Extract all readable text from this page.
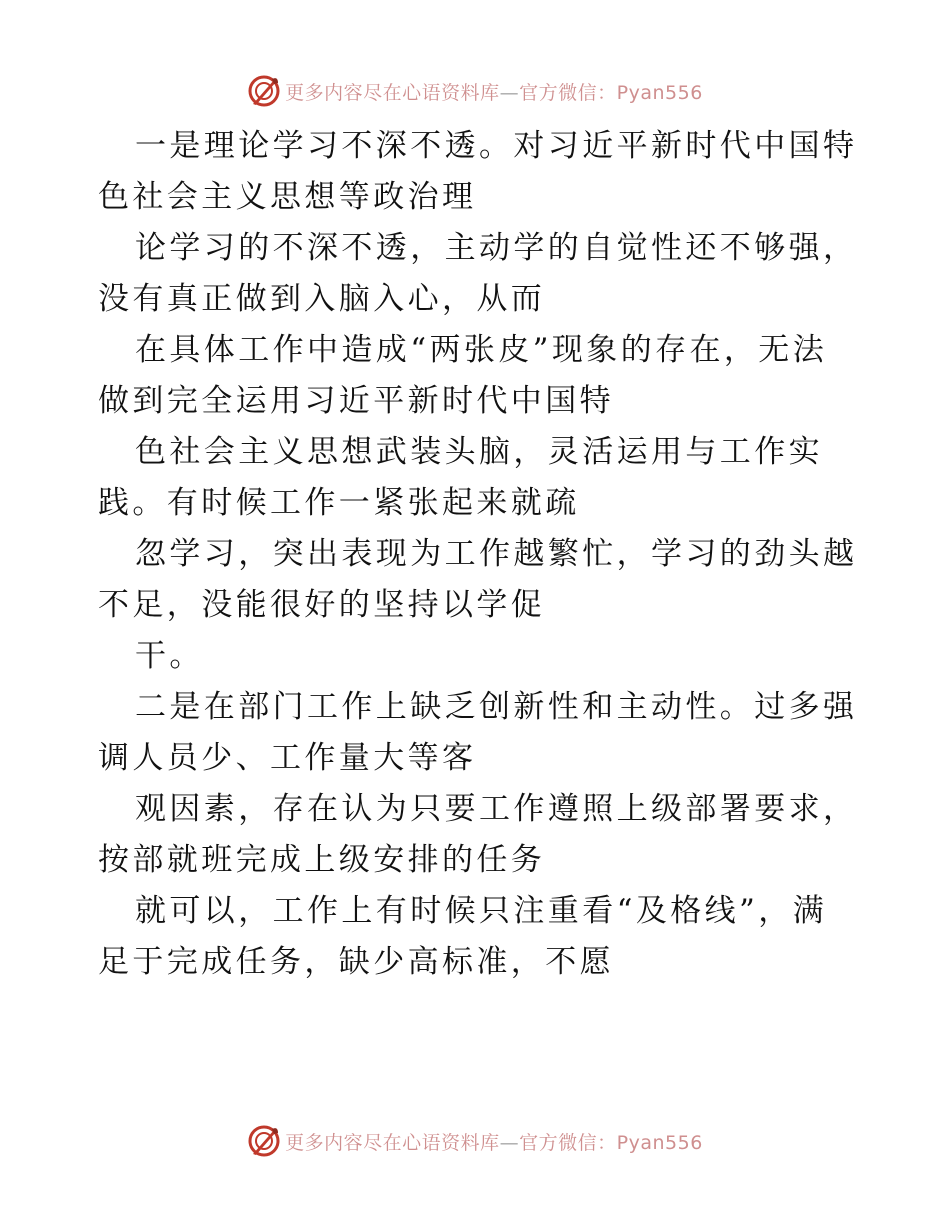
更多内容尽在心语资料库—官方微信：Pyan556

一是理论学习不深不透。对习近平新时代中国特
色社会主义思想等政治理

论学习的不深不透，主动学的自觉性还不够强，
没有真正做到入脑入心，从而

在具体工作中造成“两张皮”现象的存在，无法
做到完全运用习近平新时代中国特

色社会主义思想武装头脑，灵活运用与工作实
践。有时候工作一紧张起来就疏

忽学习，突出表现为工作越繁忙，学习的劲头越
不足，没能很好的坚持以学促

干。

二是在部门工作上缺乏创新性和主动性。过多强
调人员少、工作量大等客

观因素，存在认为只要工作遵照上级部署要求，
按部就班完成上级安排的任务

就可以，工作上有时候只注重看“及格线”，满
足于完成任务，缺少高标准，不愿

更多内容尽在心语资料库—官方微信：Pyan556
